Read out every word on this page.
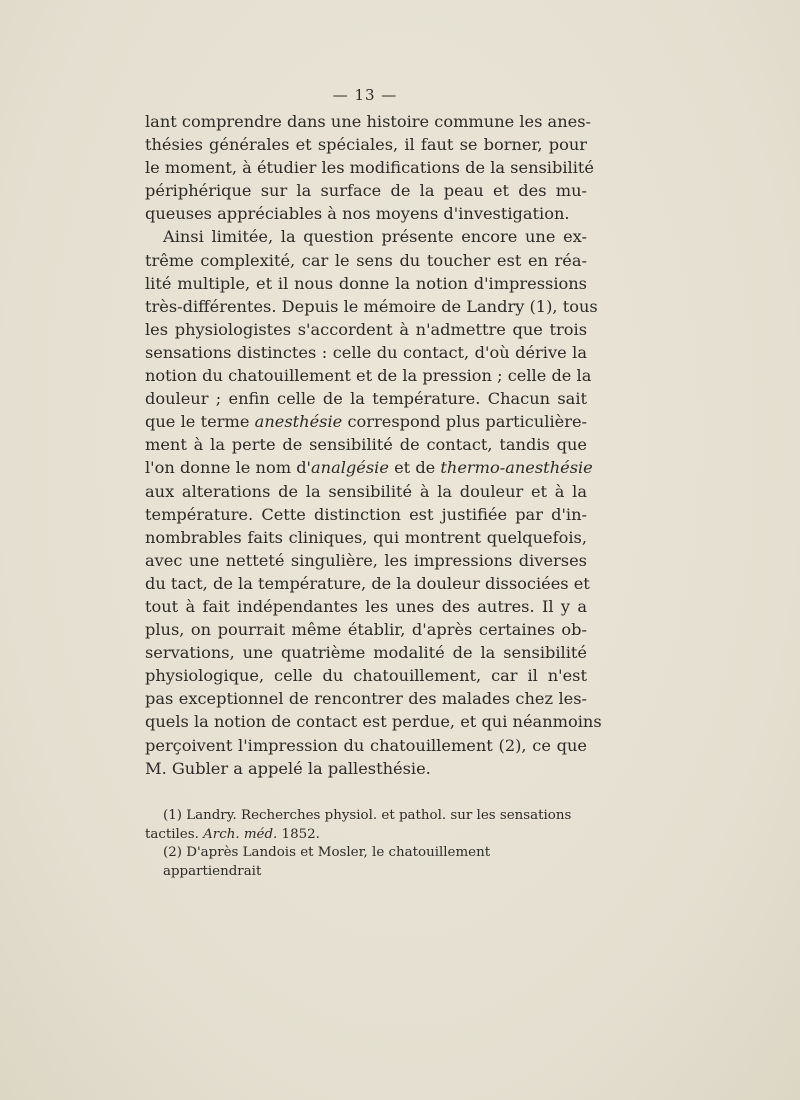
— 13 —
lant comprendre dans une histoire commune les anes-
thésies générales et spéciales, il faut se borner, pour
le moment, à étudier les modifications de la sensibilité
périphérique sur la surface de la peau et des mu-
queuses appréciables à nos moyens d'investigation.
Ainsi limitée, la question présente encore une ex-
trême complexité, car le sens du toucher est en réa-
lité multiple, et il nous donne la notion d'impressions
très-différentes. Depuis le mémoire de Landry (1), tous
les physiologistes s'accordent à n'admettre que trois
sensations distinctes : celle du contact, d'où dérive la
notion du chatouillement et de la pression ; celle de la
douleur ; enfin celle de la température. Chacun sait
que le terme anesthésie correspond plus particulière-
ment à la perte de sensibilité de contact, tandis que
l'on donne le nom d'analgésie et de thermo-anesthésie
aux alterations de la sensibilité à la douleur et à la
température. Cette distinction est justifiée par d'in-
nombrables faits cliniques, qui montrent quelquefois,
avec une netteté singulière, les impressions diverses
du tact, de la température, de la douleur dissociées et
tout à fait indépendantes les unes des autres. Il y a
plus, on pourrait même établir, d'après certaines ob-
servations, une quatrième modalité de la sensibilité
physiologique, celle du chatouillement, car il n'est
pas exceptionnel de rencontrer des malades chez les-
quels la notion de contact est perdue, et qui néanmoins
perçoivent l'impression du chatouillement (2), ce que
M. Gubler a appelé la pallesthésie.
(1) Landry. Recherches physiol. et pathol. sur les sensations
tactiles. Arch. méd. 1852.
(2) D'après Landois et Mosler, le chatouillement appartiendrait
